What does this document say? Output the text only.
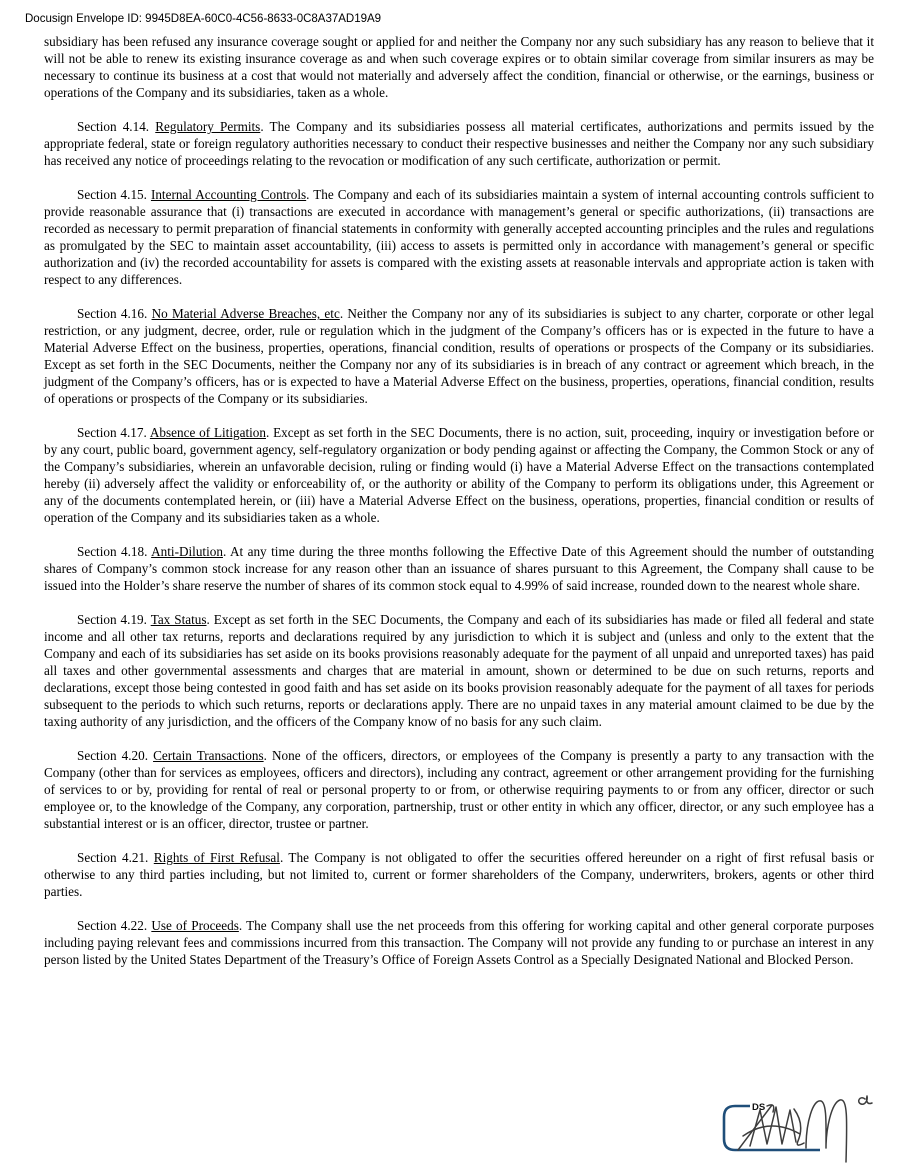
Docusign Envelope ID: 9945D8EA-60C0-4C56-8633-0C8A37AD19A9

subsidiary has been refused any insurance coverage sought or applied for and neither the Company nor any such subsidiary has any reason to believe that it will not be able to renew its existing insurance coverage as and when such coverage expires or to obtain similar coverage from similar insurers as may be necessary to continue its business at a cost that would not materially and adversely affect the condition, financial or otherwise, or the earnings, business or operations of the Company and its subsidiaries, taken as a whole.

Section 4.14. Regulatory Permits. The Company and its subsidiaries possess all material certificates, authorizations and permits issued by the appropriate federal, state or foreign regulatory authorities necessary to conduct their respective businesses and neither the Company nor any such subsidiary has received any notice of proceedings relating to the revocation or modification of any such certificate, authorization or permit.

Section 4.15. Internal Accounting Controls. The Company and each of its subsidiaries maintain a system of internal accounting controls sufficient to provide reasonable assurance that (i) transactions are executed in accordance with management’s general or specific authorizations, (ii) transactions are recorded as necessary to permit preparation of financial statements in conformity with generally accepted accounting principles and the rules and regulations as promulgated by the SEC to maintain asset accountability, (iii) access to assets is permitted only in accordance with management’s general or specific authorization and (iv) the recorded accountability for assets is compared with the existing assets at reasonable intervals and appropriate action is taken with respect to any differences.

Section 4.16. No Material Adverse Breaches, etc. Neither the Company nor any of its subsidiaries is subject to any charter, corporate or other legal restriction, or any judgment, decree, order, rule or regulation which in the judgment of the Company’s officers has or is expected in the future to have a Material Adverse Effect on the business, properties, operations, financial condition, results of operations or prospects of the Company or its subsidiaries. Except as set forth in the SEC Documents, neither the Company nor any of its subsidiaries is in breach of any contract or agreement which breach, in the judgment of the Company’s officers, has or is expected to have a Material Adverse Effect on the business, properties, operations, financial condition, results of operations or prospects of the Company or its subsidiaries.

Section 4.17. Absence of Litigation. Except as set forth in the SEC Documents, there is no action, suit, proceeding, inquiry or investigation before or by any court, public board, government agency, self-regulatory organization or body pending against or affecting the Company, the Common Stock or any of the Company’s subsidiaries, wherein an unfavorable decision, ruling or finding would (i) have a Material Adverse Effect on the transactions contemplated hereby (ii) adversely affect the validity or enforceability of, or the authority or ability of the Company to perform its obligations under, this Agreement or any of the documents contemplated herein, or (iii) have a Material Adverse Effect on the business, operations, properties, financial condition or results of operation of the Company and its subsidiaries taken as a whole.

Section 4.18. Anti-Dilution. At any time during the three months following the Effective Date of this Agreement should the number of outstanding shares of Company’s common stock increase for any reason other than an issuance of shares pursuant to this Agreement, the Company shall cause to be issued into the Holder’s share reserve the number of shares of its common stock equal to 4.99% of said increase, rounded down to the nearest whole share.

Section 4.19. Tax Status. Except as set forth in the SEC Documents, the Company and each of its subsidiaries has made or filed all federal and state income and all other tax returns, reports and declarations required by any jurisdiction to which it is subject and (unless and only to the extent that the Company and each of its subsidiaries has set aside on its books provisions reasonably adequate for the payment of all unpaid and unreported taxes) has paid all taxes and other governmental assessments and charges that are material in amount, shown or determined to be due on such returns, reports and declarations, except those being contested in good faith and has set aside on its books provision reasonably adequate for the payment of all taxes for periods subsequent to the periods to which such returns, reports or declarations apply. There are no unpaid taxes in any material amount claimed to be due by the taxing authority of any jurisdiction, and the officers of the Company know of no basis for any such claim.

Section 4.20. Certain Transactions. None of the officers, directors, or employees of the Company is presently a party to any transaction with the Company (other than for services as employees, officers and directors), including any contract, agreement or other arrangement providing for the furnishing of services to or by, providing for rental of real or personal property to or from, or otherwise requiring payments to or from any officer, director or such employee or, to the knowledge of the Company, any corporation, partnership, trust or other entity in which any officer, director, or any such employee has a substantial interest or is an officer, director, trustee or partner.

Section 4.21. Rights of First Refusal. The Company is not obligated to offer the securities offered hereunder on a right of first refusal basis or otherwise to any third parties including, but not limited to, current or former shareholders of the Company, underwriters, brokers, agents or other third parties.

Section 4.22. Use of Proceeds. The Company shall use the net proceeds from this offering for working capital and other general corporate purposes including paying relevant fees and commissions incurred from this transaction. The Company will not provide any funding to or purchase an interest in any person listed by the United States Department of the Treasury’s Office of Foreign Assets Control as a Specially Designated National and Blocked Person.

DS
